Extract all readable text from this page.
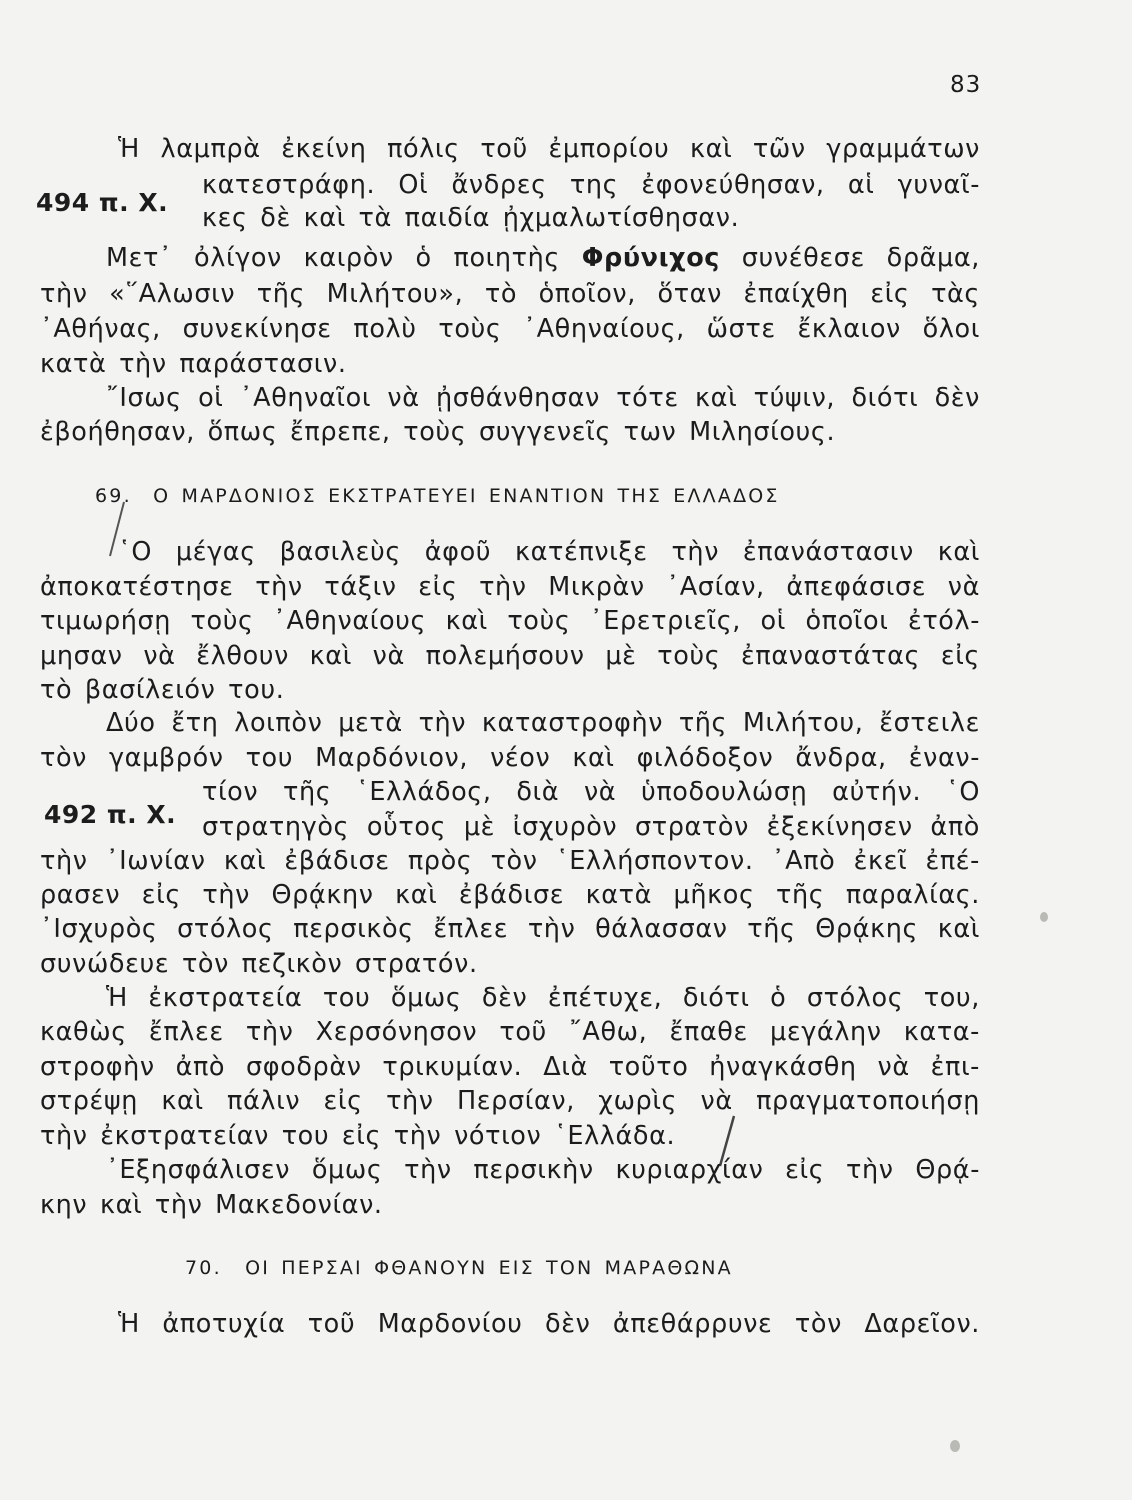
83
Ἡ λαμπρὰ ἐκείνη πόλις τοῦ ἐμπορίου καὶ τῶν γραμμάτων
494 π. Χ.
κατεστράφη. Οἱ ἄνδρες της ἐφονεύθησαν, αἱ γυναῖ-
κες δὲ καὶ τὰ παιδία ᾐχμαλωτίσθησαν.
Μετ᾿ ὀλίγον καιρὸν ὁ ποιητὴς Φρύνιχος συνέθεσε δρᾶμα,
τὴν «῞Αλωσιν τῆς Μιλήτου», τὸ ὁποῖον, ὅταν ἐπαίχθη εἰς τὰς
᾿Αθήνας, συνεκίνησε πολὺ τοὺς ᾿Αθηναίους, ὥστε ἔκλαιον ὅλοι
κατὰ τὴν παράστασιν.
῎Ισως οἱ ᾿Αθηναῖοι νὰ ᾐσθάνθησαν τότε καὶ τύψιν, διότι δὲν
ἐβοήθησαν, ὅπως ἔπρεπε, τοὺς συγγενεῖς των Μιλησίους.
69. Ο ΜΑΡΔΟΝΙΟΣ ΕΚΣΤΡΑΤΕΥΕΙ ΕΝΑΝΤΙΟΝ ΤΗΣ ΕΛΛΑΔΟΣ
῾Ο μέγας βασιλεὺς ἀφοῦ κατέπνιξε τὴν ἐπανάστασιν καὶ
ἀποκατέστησε τὴν τάξιν εἰς τὴν Μικρὰν ᾿Ασίαν, ἀπεφάσισε νὰ
τιμωρήσῃ τοὺς ᾿Αθηναίους καὶ τοὺς ᾿Ερετριεῖς, οἱ ὁποῖοι ἐτόλ-
μησαν νὰ ἔλθουν καὶ νὰ πολεμήσουν μὲ τοὺς ἐπαναστάτας εἰς
τὸ βασίλειόν του.
Δύο ἔτη λοιπὸν μετὰ τὴν καταστροφὴν τῆς Μιλήτου, ἔστειλε
τὸν γαμβρόν του Μαρδόνιον, νέον καὶ φιλόδοξον ἄνδρα, ἐναν-
492 π. Χ.
τίον τῆς ῾Ελλάδος, διὰ νὰ ὑποδουλώσῃ αὐτήν. ῾Ο
στρατηγὸς οὗτος μὲ ἰσχυρὸν στρατὸν ἐξεκίνησεν ἀπὸ
τὴν ᾿Ιωνίαν καὶ ἐβάδισε πρὸς τὸν ῾Ελλήσποντον. ᾿Απὸ ἐκεῖ ἐπέ-
ρασεν εἰς τὴν Θρᾴκην καὶ ἐβάδισε κατὰ μῆκος τῆς παραλίας.
᾿Ισχυρὸς στόλος περσικὸς ἔπλεε τὴν θάλασσαν τῆς Θρᾴκης καὶ
συνώδευε τὸν πεζικὸν στρατόν.
Ἡ ἐκστρατεία του ὅμως δὲν ἐπέτυχε, διότι ὁ στόλος του,
καθὼς ἔπλεε τὴν Χερσόνησον τοῦ ῎Αθω, ἔπαθε μεγάλην κατα-
στροφὴν ἀπὸ σφοδρὰν τρικυμίαν. Διὰ τοῦτο ἠναγκάσθη νὰ ἐπι-
στρέψῃ καὶ πάλιν εἰς τὴν Περσίαν, χωρὶς νὰ πραγματοποιήσῃ
τὴν ἐκστρατείαν του εἰς τὴν νότιον ῾Ελλάδα.
᾿Εξησφάλισεν ὅμως τὴν περσικὴν κυριαρχίαν εἰς τὴν Θρᾴ-
κην καὶ τὴν Μακεδονίαν.
70. ΟΙ ΠΕΡΣΑΙ ΦΘΑΝΟΥΝ ΕΙΣ ΤΟΝ ΜΑΡΑΘΩΝΑ
Ἡ ἀποτυχία τοῦ Μαρδονίου δὲν ἀπεθάρρυνε τὸν Δαρεῖον.
